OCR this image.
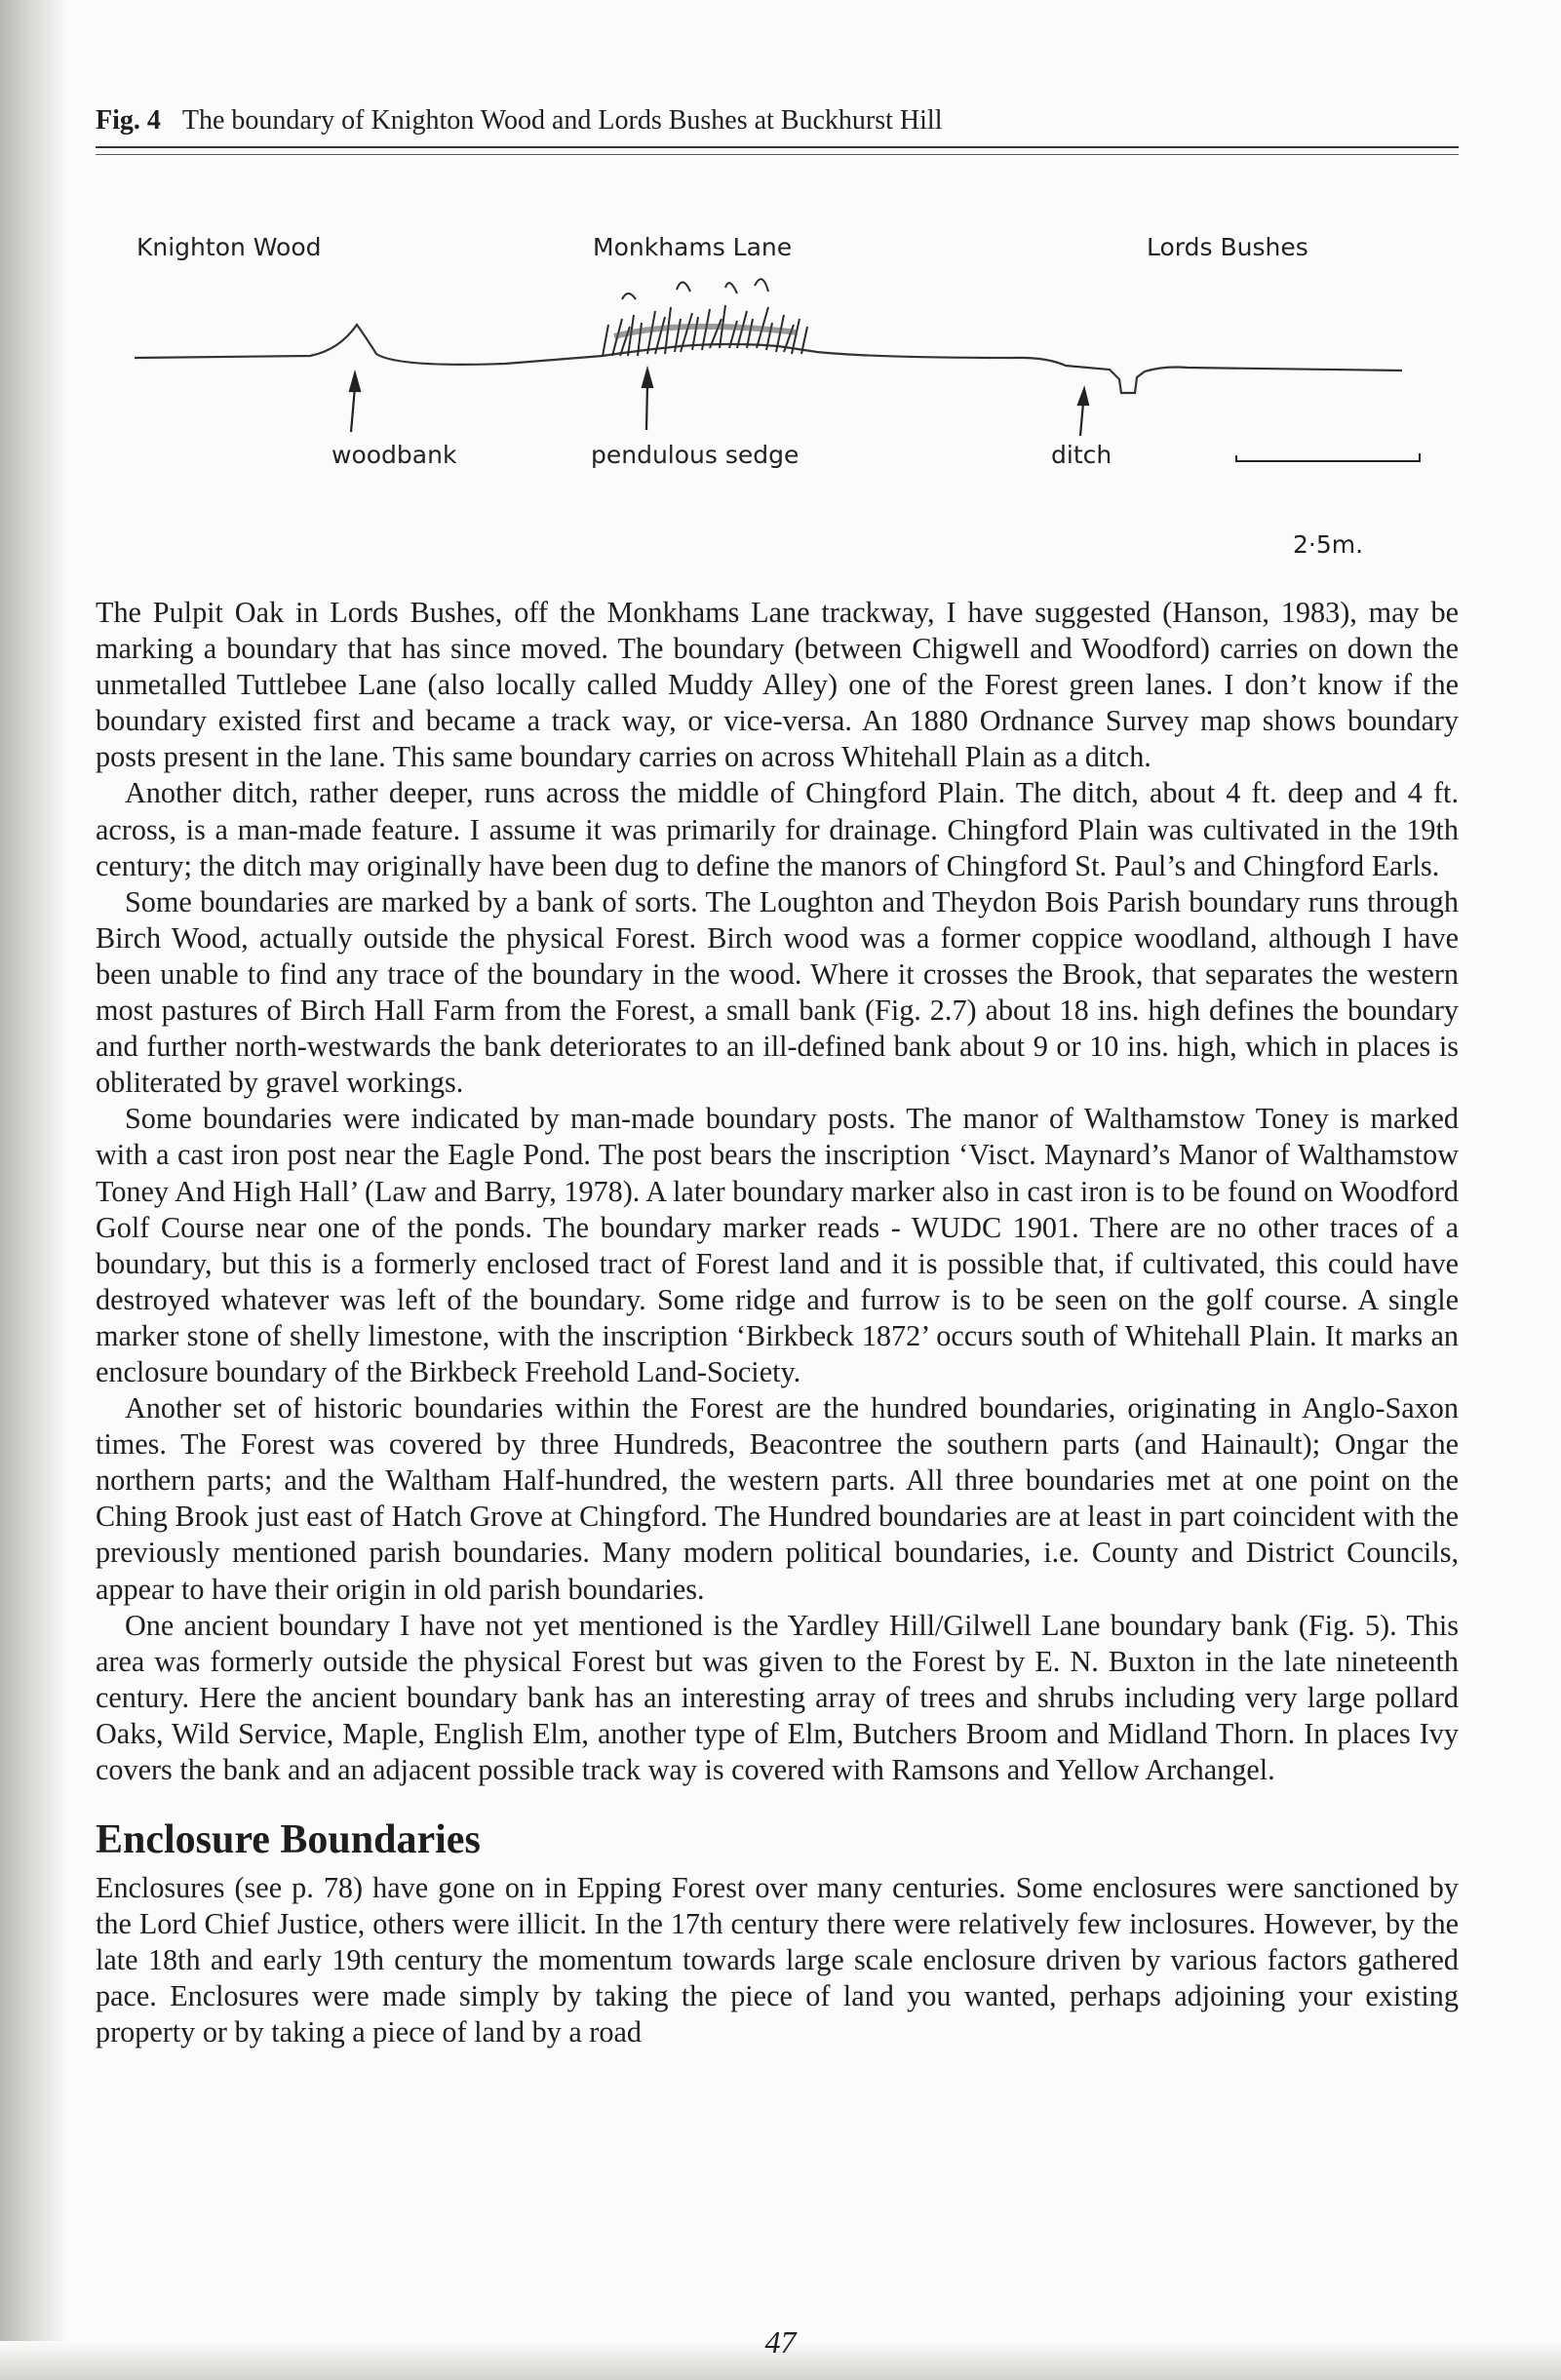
Fig. 4 The boundary of Knighton Wood and Lords Bushes at Buckhurst Hill
Knighton Wood	Monkhams Lane	Lords Bushes
woodbank	pendulous sedge	ditch
2·5m.

The Pulpit Oak in Lords Bushes, off the Monkhams Lane trackway, I have suggested (Hanson, 1983), may be marking a boundary that has since moved. The boundary (between Chigwell and Woodford) carries on down the unmetalled Tuttlebee Lane (also locally called Muddy Alley) one of the Forest green lanes. I don’t know if the boundary existed first and became a track way, or vice-versa. An 1880 Ordnance Survey map shows boundary posts present in the lane. This same boundary carries on across Whitehall Plain as a ditch.

Another ditch, rather deeper, runs across the middle of Chingford Plain. The ditch, about 4 ft. deep and 4 ft. across, is a man-made feature. I assume it was primarily for drainage. Chingford Plain was cultivated in the 19th century; the ditch may originally have been dug to define the manors of Chingford St. Paul’s and Chingford Earls.

Some boundaries are marked by a bank of sorts. The Loughton and Theydon Bois Parish boundary runs through Birch Wood, actually outside the physical Forest. Birch wood was a former coppice woodland, although I have been unable to find any trace of the boundary in the wood. Where it crosses the Brook, that separates the western most pastures of Birch Hall Farm from the Forest, a small bank (Fig. 2.7) about 18 ins. high defines the boundary and further north-westwards the bank deteriorates to an ill-defined bank about 9 or 10 ins. high, which in places is obliterated by gravel workings.

Some boundaries were indicated by man-made boundary posts. The manor of Walthamstow Toney is marked with a cast iron post near the Eagle Pond. The post bears the inscription ‘Visct. Maynard’s Manor of Walthamstow Toney And High Hall’ (Law and Barry, 1978). A later boundary marker also in cast iron is to be found on Woodford Golf Course near one of the ponds. The boundary marker reads - WUDC 1901. There are no other traces of a boundary, but this is a formerly enclosed tract of Forest land and it is possible that, if cultivated, this could have destroyed whatever was left of the boundary. Some ridge and furrow is to be seen on the golf course. A single marker stone of shelly limestone, with the inscription ‘Birkbeck 1872’ occurs south of Whitehall Plain. It marks an enclosure boundary of the Birkbeck Freehold Land-Society.

Another set of historic boundaries within the Forest are the hundred boundaries, originating in Anglo-Saxon times. The Forest was covered by three Hundreds, Beacontree the southern parts (and Hainault); Ongar the northern parts; and the Waltham Half-hundred, the western parts. All three boundaries met at one point on the Ching Brook just east of Hatch Grove at Chingford. The Hundred boundaries are at least in part coincident with the previously mentioned parish boundaries. Many modern political boundaries, i.e. County and District Councils, appear to have their origin in old parish boundaries.

One ancient boundary I have not yet mentioned is the Yardley Hill/Gilwell Lane boundary bank (Fig. 5). This area was formerly outside the physical Forest but was given to the Forest by E. N. Buxton in the late nineteenth century. Here the ancient boundary bank has an interesting array of trees and shrubs including very large pollard Oaks, Wild Service, Maple, English Elm, another type of Elm, Butchers Broom and Midland Thorn. In places Ivy covers the bank and an adjacent possible track way is covered with Ramsons and Yellow Archangel.

Enclosure Boundaries

Enclosures (see p. 78) have gone on in Epping Forest over many centuries. Some enclosures were sanctioned by the Lord Chief Justice, others were illicit. In the 17th century there were relatively few inclosures. However, by the late 18th and early 19th century the momentum towards large scale enclosure driven by various factors gathered pace. Enclosures were made simply by taking the piece of land you wanted, perhaps adjoining your existing property or by taking a piece of land by a road

47
